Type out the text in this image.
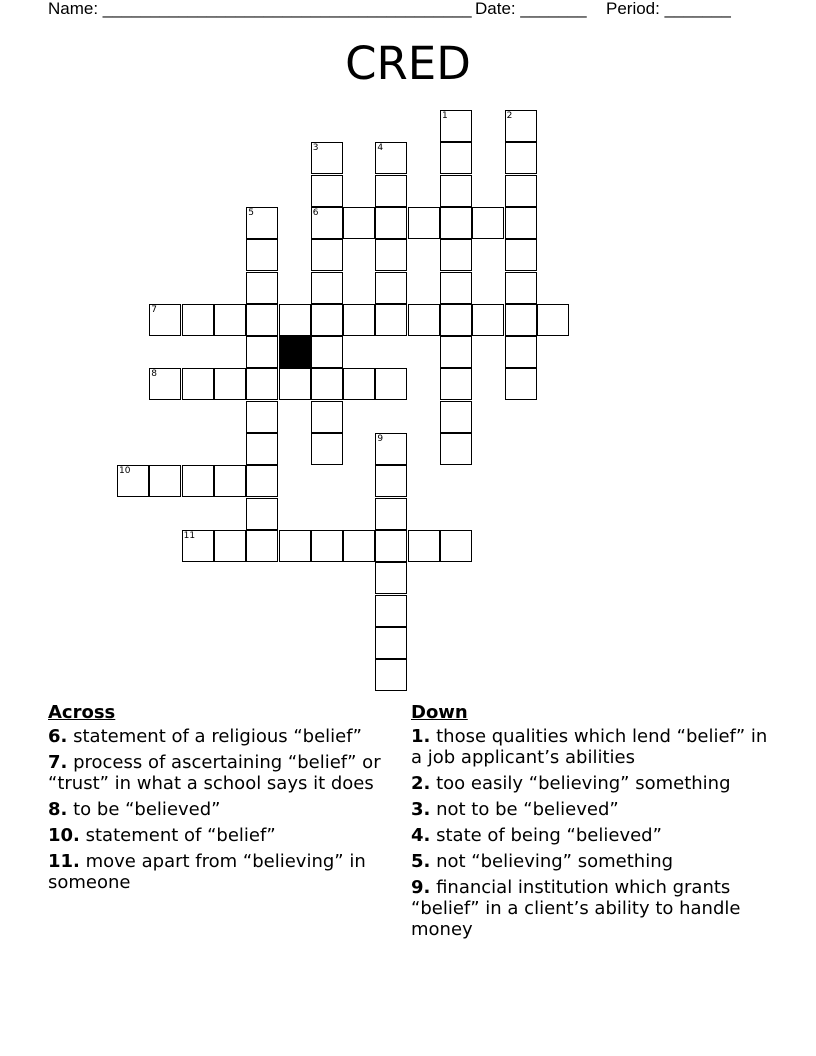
Name: _______________________________________ Date: _______ Period: _______
CRED
1	2
3	4
5	6
7
8
9
10
11
Across
6. statement of a religious “belief”
7. process of ascertaining “belief” or “trust” in what a school says it does
8. to be “believed”
10. statement of “belief”
11. move apart from “believing” in someone
Down
1. those qualities which lend “belief” in a job applicant’s abilities
2. too easily “believing” something
3. not to be “believed”
4. state of being “believed”
5. not “believing” something
9. financial institution which grants “belief” in a client’s ability to handle money
